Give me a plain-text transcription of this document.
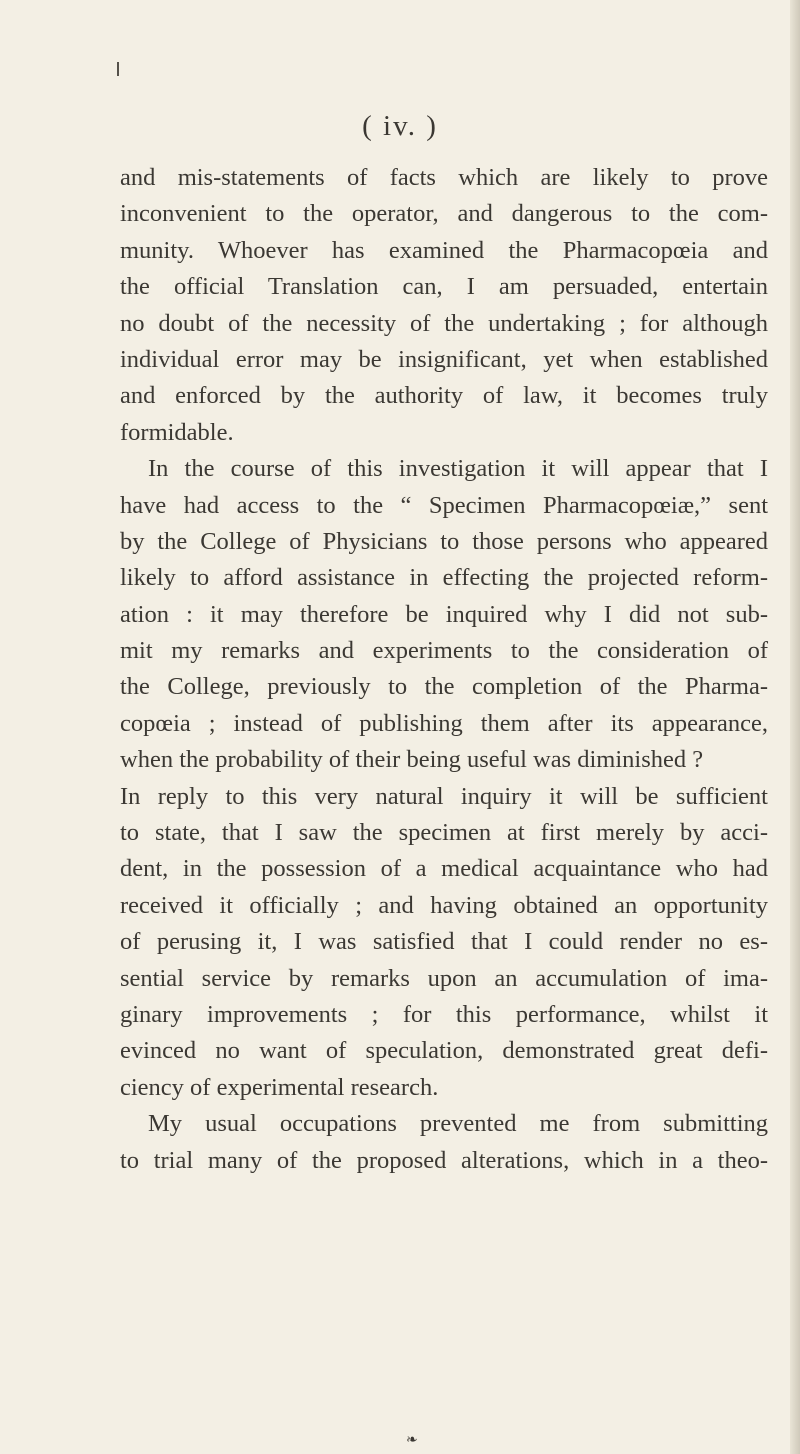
( iv. )
and mis-statements of facts which are likely to prove
inconvenient to the operator, and dangerous to the com-
munity. Whoever has examined the Pharmacopœia and
the official Translation can, I am persuaded, entertain
no doubt of the necessity of the undertaking ; for although
individual error may be insignificant, yet when established
and enforced by the authority of law, it becomes truly
formidable.
In the course of this investigation it will appear that I
have had access to the “ Specimen Pharmacopœiæ,” sent
by the College of Physicians to those persons who appeared
likely to afford assistance in effecting the projected reform-
ation : it may therefore be inquired why I did not sub-
mit my remarks and experiments to the consideration of
the College, previously to the completion of the Pharma-
copœia ; instead of publishing them after its appearance,
when the probability of their being useful was diminished ?
In reply to this very natural inquiry it will be sufficient
to state, that I saw the specimen at first merely by acci-
dent, in the possession of a medical acquaintance who had
received it officially ; and having obtained an opportunity
of perusing it, I was satisfied that I could render no es-
sential service by remarks upon an accumulation of ima-
ginary improvements ; for this performance, whilst it
evinced no want of speculation, demonstrated great defi-
ciency of experimental research.
My usual occupations prevented me from submitting
to trial many of the proposed alterations, which in a theo-
❧
